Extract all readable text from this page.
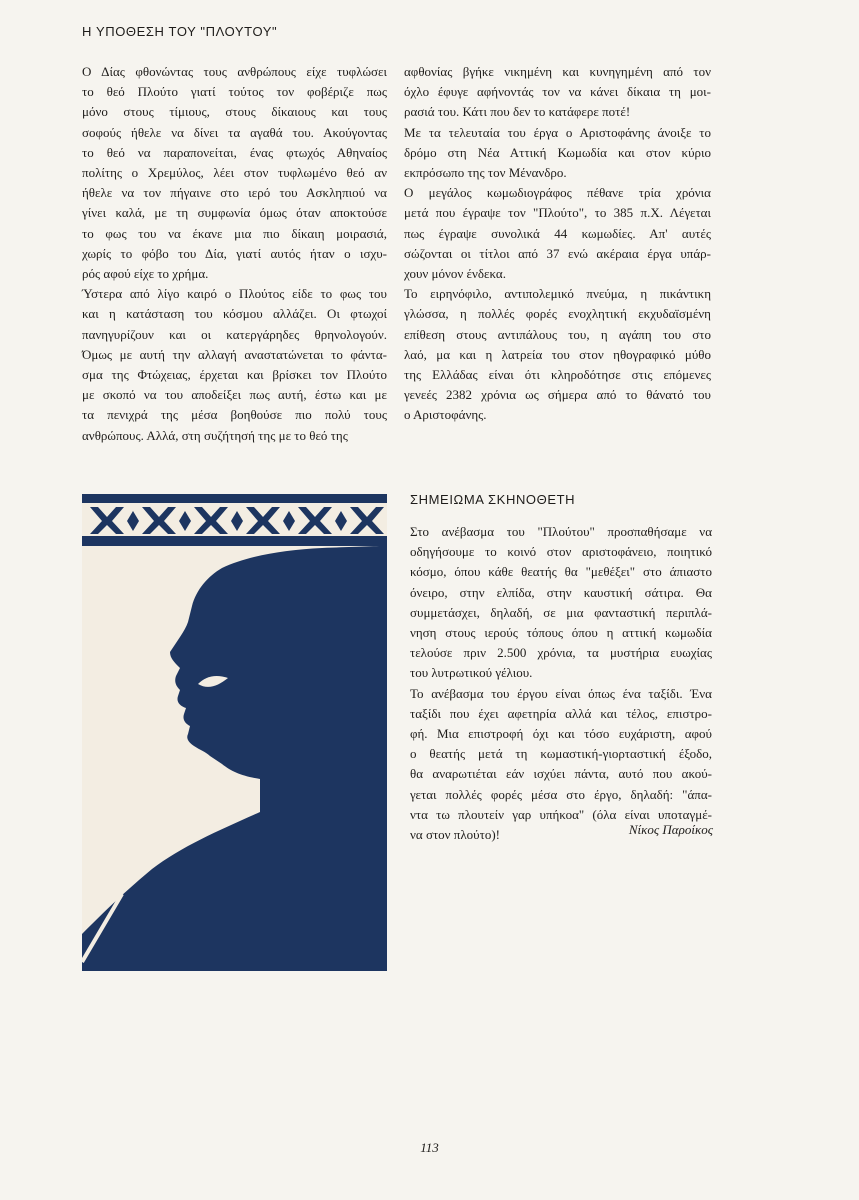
Η ΥΠΟΘΕΣΗ ΤΟΥ "ΠΛΟΥΤΟΥ"

Ο Δίας φθονώντας τους ανθρώπους είχε τυφλώσει

το θεό Πλούτο γιατί τούτος τον φοβέριζε πως

μόνο στους τίμιους, στους δίκαιους και τους

σοφούς ήθελε να δίνει τα αγαθά του. Ακούγοντας

το θεό να παραπονείται, ένας φτωχός Αθηναίος

πολίτης ο Χρεμύλος, λέει στον τυφλωμένο θεό αν

ήθελε να τον πήγαινε στο ιερό του Ασκληπιού να

γίνει καλά, με τη συμφωνία όμως όταν αποκτούσε

το φως του να έκανε μια πιο δίκαιη μοιρασιά,

χωρίς το φόβο του Δία, γιατί αυτός ήταν ο ισχυ-

ρός αφού είχε το χρήμα.

Ύστερα από λίγο καιρό ο Πλούτος είδε το φως του

και η κατάσταση του κόσμου αλλάζει. Οι φτωχοί

πανηγυρίζουν και οι κατεργάρηδες θρηνολογούν.

Όμως με αυτή την αλλαγή αναστατώνεται το φάντα-

σμα της Φτώχειας, έρχεται και βρίσκει τον Πλούτο

με σκοπό να του αποδείξει πως αυτή, έστω και με

τα πενιχρά της μέσα βοηθούσε πιο πολύ τους

ανθρώπους. Αλλά, στη συζήτησή της με το θεό της

αφθονίας βγήκε νικημένη και κυνηγημένη από τον

όχλο έφυγε αφήνοντάς τον να κάνει δίκαια τη μοι-

ρασιά του. Κάτι που δεν το κατάφερε ποτέ!

Με τα τελευταία του έργα ο Αριστοφάνης άνοιξε το

δρόμο στη Νέα Αττική Κωμωδία και στον κύριο

εκπρόσωπο της τον Μένανδρο.

Ο μεγάλος κωμωδιογράφος πέθανε τρία χρόνια

μετά που έγραψε τον "Πλούτο", το 385 π.Χ. Λέγεται

πως έγραψε συνολικά 44 κωμωδίες. Απ' αυτές

σώζονται οι τίτλοι από 37 ενώ ακέραια έργα υπάρ-

χουν μόνον ένδεκα.

Το ειρηνόφιλο, αντιπολεμικό πνεύμα, η πικάντικη

γλώσσα, η πολλές φορές ενοχλητική εκχυδαϊσμένη

επίθεση στους αντιπάλους του, η αγάπη του στο

λαό, μα και η λατρεία του στον ηθογραφικό μύθο

της Ελλάδας είναι ότι κληροδότησε στις επόμενες

γενεές 2382 χρόνια ως σήμερα από το θάνατό του

ο Αριστοφάνης.

ΣΗΜΕΙΩΜΑ ΣΚΗΝΟΘΕΤΗ

Στο ανέβασμα του "Πλούτου" προσπαθήσαμε να

οδηγήσουμε το κοινό στον αριστοφάνειο, ποιητικό

κόσμο, όπου κάθε θεατής θα "μεθέξει" στο άπιαστο

όνειρο, στην ελπίδα, στην καυστική σάτιρα. Θα

συμμετάσχει, δηλαδή, σε μια φανταστική περιπλά-

νηση στους ιερούς τόπους όπου η αττική κωμωδία

τελούσε πριν 2.500 χρόνια, τα μυστήρια ευωχίας

του λυτρωτικού γέλιου.

Το ανέβασμα του έργου είναι όπως ένα ταξίδι. Ένα

ταξίδι που έχει αφετηρία αλλά και τέλος, επιστρο-

φή. Μια επιστροφή όχι και τόσο ευχάριστη, αφού

ο θεατής μετά τη κωμαστική-γιορταστική έξοδο,

θα αναρωτιέται εάν ισχύει πάντα, αυτό που ακού-

γεται πολλές φορές μέσα στο έργο, δηλαδή: "άπα-

ντα τω πλουτείν γαρ υπήκοα" (όλα είναι υποταγμέ-

να στον πλούτο)!	Νίκος Παροίκος

113
